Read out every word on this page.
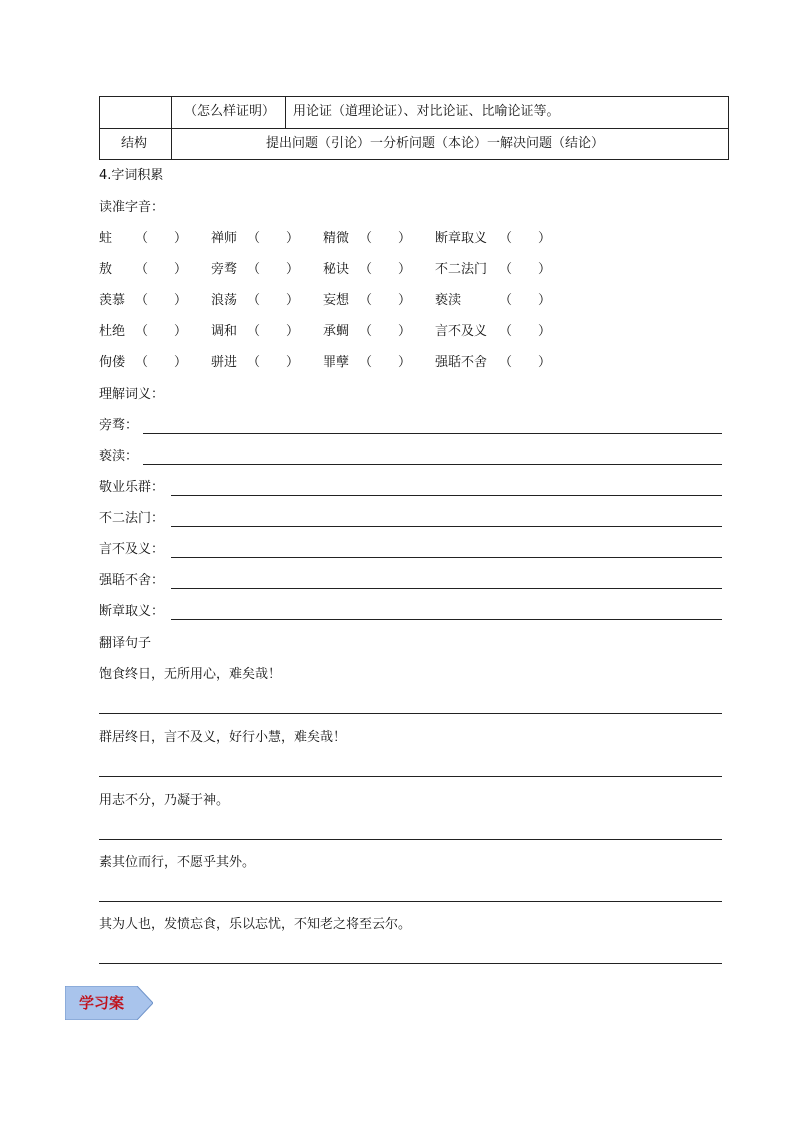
（怎么样证明） 用论证（道理论证）、对比论证、比喻论证等。
结构	提出问题（引论）一分析问题（本论）一解决问题（结论）
4.字词积累
读准字音：
蛀 （　　） 禅师 （　　） 精微 （　　） 断章取义 （　　）
敖 （　　） 旁骛 （　　） 秘诀 （　　） 不二法门 （　　）
羡慕 （　　） 浪荡 （　　） 妄想 （　　） 亵渎	（　　）
杜绝 （　　） 调和 （　　） 承蜩 （　　） 言不及义 （　　）
佝偻 （　　） 骈进 （　　） 罪孽 （　　） 强聒不舍 （　　）
理解词义：
旁骛：
亵渎：
敬业乐群：
不二法门：
言不及义：
强聒不舍：
断章取义：
翻译句子
饱食终日，无所用心，难矣哉！
群居终日，言不及义，好行小慧，难矣哉！
用志不分，乃凝于神。
素其位而行，不愿乎其外。
其为人也，发愤忘食，乐以忘忧，不知老之将至云尔。
学习案
